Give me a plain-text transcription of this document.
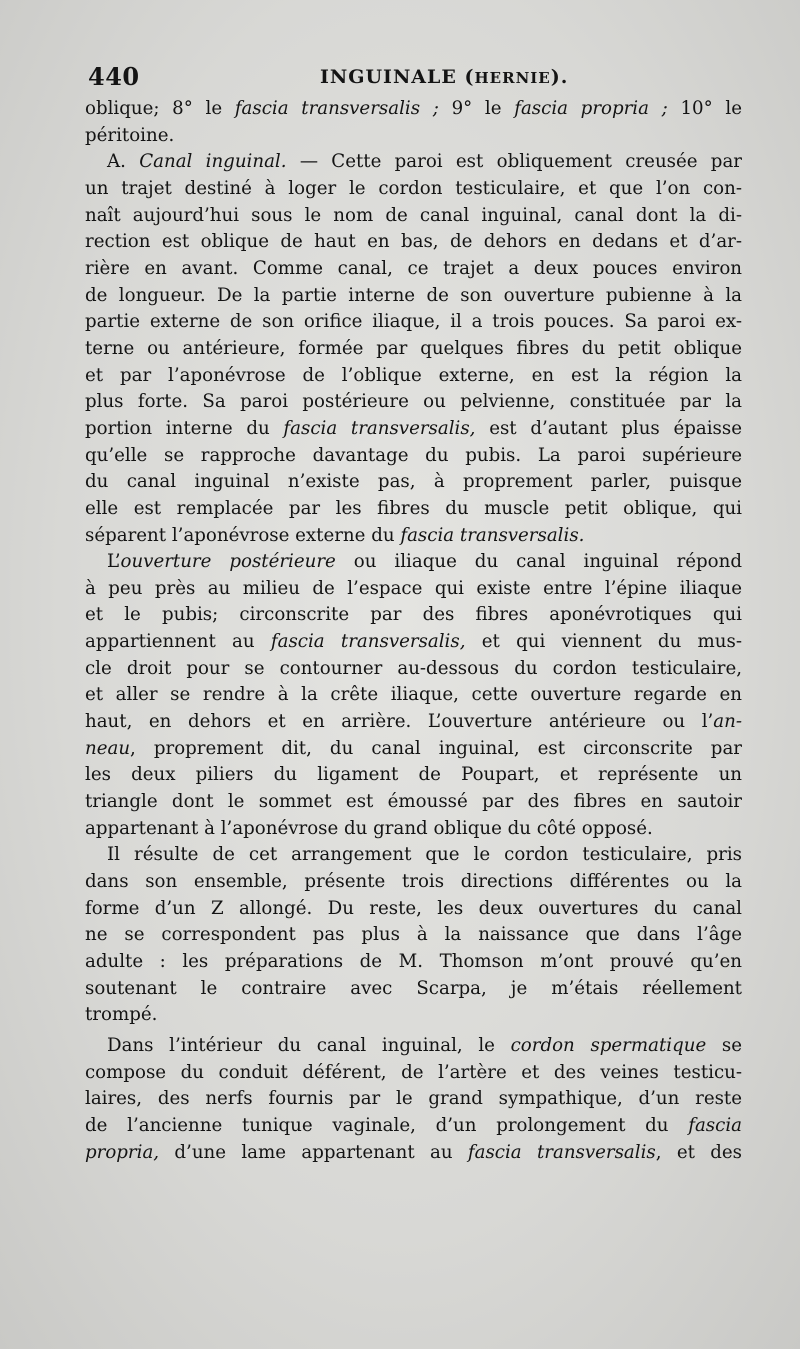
440	INGUINALE (HERNIE).

oblique; 8° le fascia transversalis ; 9° le fascia propria ; 10° le
péritoine.

A. Canal inguinal. — Cette paroi est obliquement creusée par
un trajet destiné à loger le cordon testiculaire, et que l’on con-
naît aujourd’hui sous le nom de canal inguinal, canal dont la di-
rection est oblique de haut en bas, de dehors en dedans et d’ar-
rière en avant. Comme canal, ce trajet a deux pouces environ
de longueur. De la partie interne de son ouverture pubienne à la
partie externe de son orifice iliaque, il a trois pouces. Sa paroi ex-
terne ou antérieure, formée par quelques fibres du petit oblique
et par l’aponévrose de l’oblique externe, en est la région la
plus forte. Sa paroi postérieure ou pelvienne, constituée par la
portion interne du fascia transversalis, est d’autant plus épaisse
qu’elle se rapproche davantage du pubis. La paroi supérieure
du canal inguinal n’existe pas, à proprement parler, puisque
elle est remplacée par les fibres du muscle petit oblique, qui
séparent l’aponévrose externe du fascia transversalis.

L’ouverture postérieure ou iliaque du canal inguinal répond
à peu près au milieu de l’espace qui existe entre l’épine iliaque
et le pubis; circonscrite par des fibres aponévrotiques qui
appartiennent au fascia transversalis, et qui viennent du mus-
cle droit pour se contourner au-dessous du cordon testiculaire,
et aller se rendre à la crête iliaque, cette ouverture regarde en
haut, en dehors et en arrière. L’ouverture antérieure ou l’an-
neau, proprement dit, du canal inguinal, est circonscrite par
les deux piliers du ligament de Poupart, et représente un
triangle dont le sommet est émoussé par des fibres en sautoir
appartenant à l’aponévrose du grand oblique du côté opposé.

Il résulte de cet arrangement que le cordon testiculaire, pris
dans son ensemble, présente trois directions différentes ou la
forme d’un Z allongé. Du reste, les deux ouvertures du canal
ne se correspondent pas plus à la naissance que dans l’âge
adulte : les préparations de M. Thomson m’ont prouvé qu’en
soutenant le contraire avec Scarpa, je m’étais réellement
trompé.

Dans l’intérieur du canal inguinal, le cordon spermatique se
compose du conduit déférent, de l’artère et des veines testicu-
laires, des nerfs fournis par le grand sympathique, d’un reste
de l’ancienne tunique vaginale, d’un prolongement du fascia
propria, d’une lame appartenant au fascia transversalis, et des
